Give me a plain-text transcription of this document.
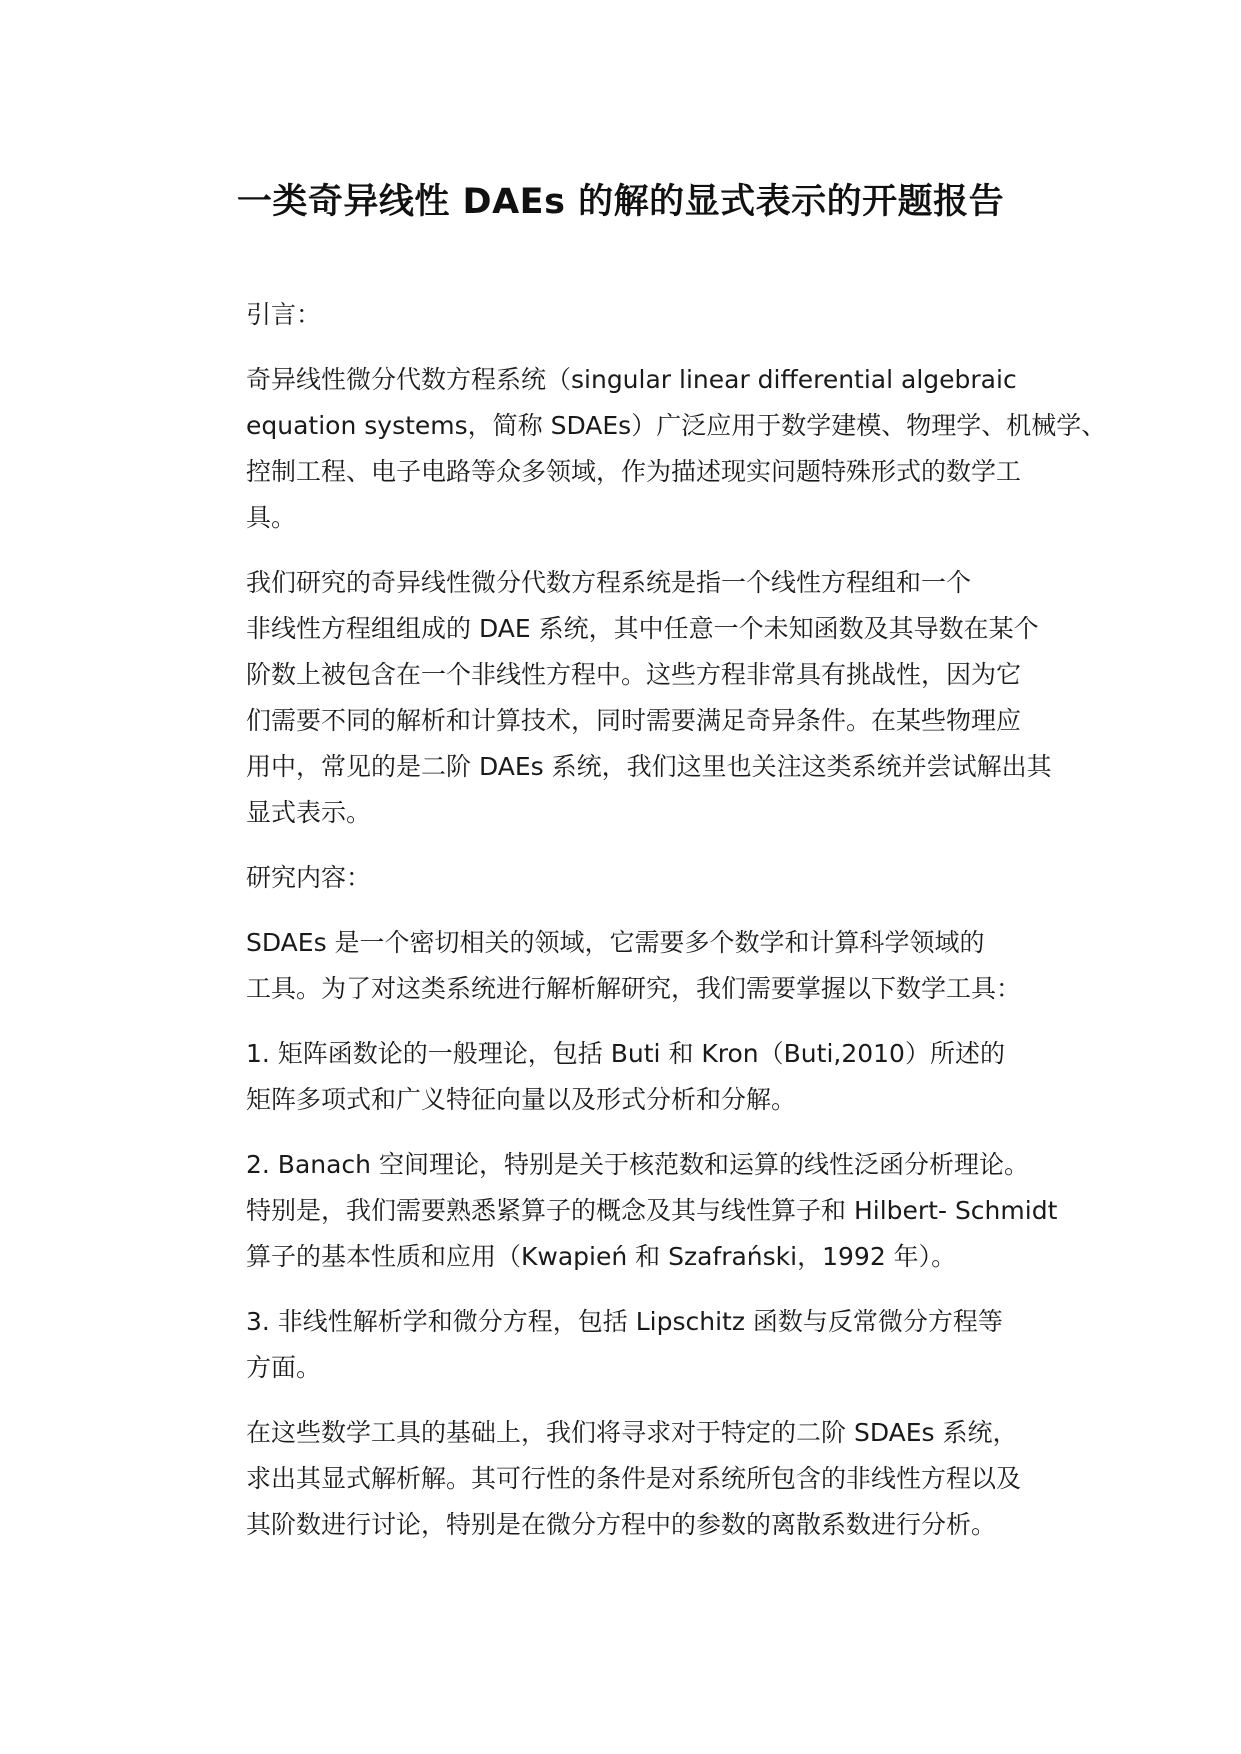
一类奇异线性 DAEs 的解的显式表示的开题报告
引言：
奇异线性微分代数方程系统（singular linear differential algebraic
equation systems，简称 SDAEs）广泛应用于数学建模、物理学、机械学、
控制工程、电子电路等众多领域，作为描述现实问题特殊形式的数学工
具。
我们研究的奇异线性微分代数方程系统是指一个线性方程组和一个
非线性方程组组成的 DAE 系统，其中任意一个未知函数及其导数在某个
阶数上被包含在一个非线性方程中。这些方程非常具有挑战性，因为它
们需要不同的解析和计算技术，同时需要满足奇异条件。在某些物理应
用中，常见的是二阶 DAEs 系统，我们这里也关注这类系统并尝试解出其
显式表示。
研究内容：
SDAEs 是一个密切相关的领域，它需要多个数学和计算科学领域的
工具。为了对这类系统进行解析解研究，我们需要掌握以下数学工具：
1. 矩阵函数论的一般理论，包括 Buti 和 Kron（Buti,2010）所述的
矩阵多项式和广义特征向量以及形式分析和分解。
2. Banach 空间理论，特别是关于核范数和运算的线性泛函分析理论。
特别是，我们需要熟悉紧算子的概念及其与线性算子和 Hilbert- Schmidt
算子的基本性质和应用（Kwapień 和 Szafrański，1992 年）。
3. 非线性解析学和微分方程，包括 Lipschitz 函数与反常微分方程等
方面。
在这些数学工具的基础上，我们将寻求对于特定的二阶 SDAEs 系统，
求出其显式解析解。其可行性的条件是对系统所包含的非线性方程以及
其阶数进行讨论，特别是在微分方程中的参数的离散系数进行分析。
